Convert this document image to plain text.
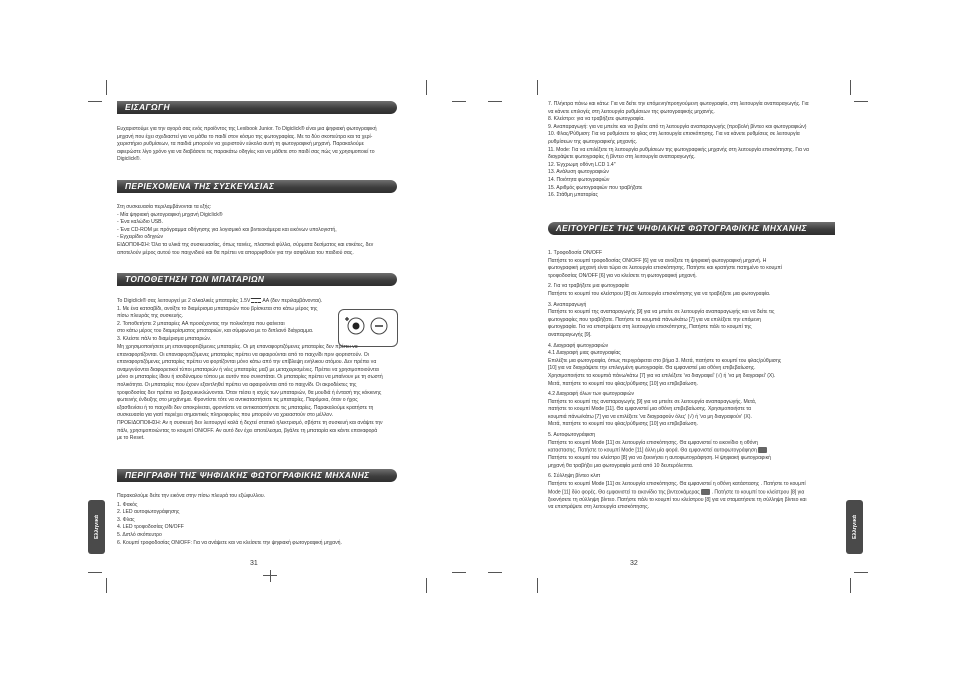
ΕΙΣΑΓΩΓΗ
Ευχαριστούμε για την αγορά σας ενός προϊόντος της Lexibook Junior. Το Digiclick® είναι μια ψηφιακή φωτογραφική
μηχανή που έχει σχεδιαστεί για να μάθει το παιδί στον κόσμο της φωτογραφίας. Με τα δύο σκοπεύτρα και τα χερί-
χειριστήριο ρυθμίσεων, τα παιδιά μπορούν να χειριστούν εύκολα αυτή τη φωτογραφική μηχανή. Παρακαλούμε
αφιερώστε λίγο χρόνο για να διαβάσετε τις παρακάτω οδηγίες και να μάθετε στο παιδί σας πώς να χρησιμοποιεί το
Digiclick®.
ΠΕΡΙΕΧΟΜΕΝΑ ΤΗΣ ΣΥΣΚΕΥΑΣΙΑΣ
Στη συσκευασία περιλαμβάνονται τα εξής:
- Μία ψηφιακή φωτογραφική μηχανή Digiclick®
- Ένα καλώδιο USB.
- Ένα CD-ROM με πρόγραμμα οδήγησης για λογισμικό και βιντεοκάμερα και εικόνων υπολογιστή,
- Εγχειρίδιο οδηγιών
ΕΙΔΟΠΟΙΗΣΗ: Όλα τα υλικά της συσκευασίας, όπως ταινίες, πλαστικά φύλλα, σύρματα δεσίματος και ετικέτες, δεν
αποτελούν μέρος αυτού του παιχνιδιού και θα πρέπει να απορριφθούν για την ασφάλεια του παιδιού σας.
ΤΟΠΟΘΕΤΗΣΗ ΤΩΝ ΜΠΑΤΑΡΙΩΝ
Το Digiclick® σας λειτουργεί με 2 αλκαλικές μπαταρίες 1.5V AA (δεν περιλαμβάνονται).
1. Με ένα κατσαβίδι, ανοίξτε το διαμέρισμα μπαταριών που βρίσκεται στο κάτω μέρος της
πίσω πλευράς της συσκευής.
2. Τοποθετήστε 2 μπαταρίες AA προσέχοντας την πολικότητα που φαίνεται
στο κάτω μέρος του διαμερίσματος μπαταριών, και σύμφωνα με το διπλανό διάγραμμα.
3. Κλείστε πάλι το διαμέρισμα μπαταριών.
Μη χρησιμοποιήσετε μη επαναφορτιζόμενες μπαταρίες. Οι μη επαναφορτιζόμενες μπαταρίες δεν πρέπει να
επαναφορτίζονται. Οι επαναφορτιζόμενες μπαταρίες πρέπει να αφαιρούνται από το παιχνίδι πριν φορτιστούν. Οι
επαναφορτιζόμενες μπαταρίες πρέπει να φορτίζονται μόνο κάτω από την επίβλεψη ενήλικου ατόμου. Δεν πρέπει να
αναμιγνύονται διαφορετικοί τύποι μπαταριών ή νέες μπαταρίες μαζί με μεταχειρισμένες. Πρέπει να χρησιμοποιούνται
μόνο οι μπαταρίες ίδιου ή ισοδύναμου τύπου με αυτόν που συνιστάται. Οι μπαταρίες πρέπει να μπαίνουν με τη σωστή
πολικότητα. Οι μπαταρίες που έχουν εξαντληθεί πρέπει να αφαιρούνται από το παιχνίδι. Οι ακροδέκτες της
τροφοδοσίας δεν πρέπει να βραχυκυκλώνονται. Όταν πέσει η ισχύς των μπαταριών, θα μουδιά ή έντασή της κόκκινης
φωτεινής ένδειξης στο μηχάνημα. Φροντίστε τότε να αντικαταστήσετε τις μπαταρίες. Παρόμοια, όταν ο ήχος
εξασθενίσει ή το παιχνίδι δεν αποκρίνεται, φροντίστε να αντικαταστήσετε τις μπαταρίες. Παρακαλούμε κρατήστε τη
συσκευασία για γιατί περιέχει σημαντικές πληροφορίες που μπορούν να χρειαστούν στο μέλλον.
ΠΡΟΕΙΔΟΠΟΙΗΣΗ: Αν η συσκευή δεν λειτουργεί καλά ή δεχτεί στατικό ηλεκτρισμό, σβήστε τη συσκευή και ανάψτε την
πάλι, χρησιμοποιώντας το κουμπί ON/OFF. Αν αυτό δεν έχει αποτέλεσμα, βγάλτε τη μπαταρία και κάντε επαναφορά
με το Reset.
ΠΕΡΙΓΡΑΦΗ ΤΗΣ ΨΗΦΙΑΚΗΣ ΦΩΤΟΓΡΑΦΙΚΗΣ ΜΗΧΑΝΗΣ
Παρακαλούμε δείτε την εικόνα στην πίσω πλευρά του εξώφυλλου.
1. Φακός
2. LED αυτοφωτογράφησης
3. Φλας
4. LED τροφοδοσίας ON/OFF
5. Διπλό σκόπευτρο
6. Κουμπί τροφοδοσίας ON/OFF: Για να ανάψετε και να κλείσετε την ψηφιακή φωτογραφική μηχανή.
31
Ελληνικά
7. Πλήκτρα πάνω και κάτω: Για να δείτε την επόμενη/προηγούμενη φωτογραφία, στη λειτουργία αναπαραγωγής. Για
να κάνετε επιλογές στη λειτουργία ρυθμίσεων της φωτογραφικής μηχανής.
8. Κλείστρο: για να τραβήξετε φωτογραφία.
9. Αναπαραγωγή: για να μπείτε και να βγείτε από τη λειτουργία αναπαραγωγής (προβολή βίντεο και φωτογραφιών)
10. Φλας/Ρύθμιση: Για να ρυθμίσετε το φλας στη λειτουργία επισκόπησης. Για να κάνετε ρυθμίσεις σε λειτουργία
ρυθμίσεων της φωτογραφικής μηχανής.
11. Mode: Για να επιλέξετε τη λειτουργία ρυθμίσεων της φωτογραφικής μηχανής στη λειτουργία επισκόπησης. Για να
διαγράψετε φωτογραφίες ή βίντεο στη λειτουργία αναπαραγωγής.
12. Έγχρωμη οθόνη LCD 1.4"
13. Ανάλυση φωτογραφιών
14. Ποιότητα φωτογραφιών
15. Αριθμός φωτογραφιών που τραβήξατε
16. Στάθμη μπαταρίας
ΛΕΙΤΟΥΡΓΙΕΣ ΤΗΣ ΨΗΦΙΑΚΗΣ ΦΩΤΟΓΡΑΦΙΚΗΣ ΜΗΧΑΝΗΣ
1. Τροφοδοσία ON/OFF
Πατήστε το κουμπί τροφοδοσίας ON/OFF [6] για να ανοίξετε τη ψηφιακή φωτογραφική μηχανή. Η
φωτογραφική μηχανή είναι τώρα σε λειτουργία επισκόπησης. Πατήστε και κρατήστε πατημένο το κουμπί
τροφοδοσίας ON/OFF [6] για να κλείσετε τη φωτογραφική μηχανή.
2. Για να τραβήξετε μια φωτογραφία
Πατήστε το κουμπί του κλείστρου [8] σε λειτουργία επισκόπησης για να τραβήξετε μια φωτογραφία.
3. Αναπαραγωγή
Πατήστε το κουμπί της αναπαραγωγής [9] για να μπείτε σε λειτουργία αναπαραγωγής και να δείτε τις
φωτογραφίες που τραβήξατε. Πατήστε τα κουμπιά πάνω/κάτω [7] για να επιλέξετε την επόμενη
φωτογραφία. Για να επιστρέψετε στη λειτουργία επισκόπησης, Πατήστε πάλι το κουμπί της
αναπαραγωγής [9].
4. Διαγραφή φωτογραφιών
4.1 Διαγραφή μιας φωτογραφίας
Επιλέξτε μια φωτογραφία, όπως περιγράφεται στο βήμα 3. Μετά, πατήστε το κουμπί του φλας/ρύθμισης
[10] για να διαγράψετε την επιλεγμένη φωτογραφία. Θα εμφανιστεί μια οθόνη επιβεβαίωσης.
Χρησιμοποιήστε τα κουμπιά πάνω/κάτω [7] για να επιλέξετε 'να διαγραφεί' (√) ή 'να μη διαγραφεί' (X).
Μετά, πατήστε το κουμπί του φλας/ρύθμισης [10] για επιβεβαίωση.
4.2 Διαγραφή όλων των φωτογραφιών
Πατήστε το κουμπί της αναπαραγωγής [9] για να μπείτε σε λειτουργία αναπαραγωγής. Μετά,
πατήστε το κουμπί Mode [11]. Θα εμφανιστεί μια οθόνη επιβεβαίωσης. Χρησιμοποιήστε τα
κουμπιά πάνω/κάτω [7] για να επιλέξετε 'να διαγραφούν όλες' (√) ή 'να μη διαγραφούν' (X).
Μετά, πατήστε το κουμπί του φλας/ρύθμισης [10] για επιβεβαίωση.
5. Αυτοφωτογράφιση
Πατήστε το κουμπί Mode [11] σε λειτουργία επισκόπησης. Θα εμφανιστεί το εικονίδιο η οθόνη
καταστασης. Πατήστε το κουμπί Mode [11] άλλη μία φορά. Θα εμφανιστεί αυτοφωτογράφηση
Πατήστε το κουμπί του κλείστρο [8] για να ξεκινήσει η αυτοφωτογράφηση. Η ψηφιακή φωτογραφική
μηχανή θα τραβήξει μια φωτογραφία μετά από 10 δευτερόλεπτα.
6. Σύλληψη βίντεο κλιπ
Πατήστε το κουμπί Mode [11] σε λειτουργία επισκόπησης. Θα εμφανιστεί η οθόνη κατάστασης . Πατήστε το κουμπί
Mode [11] δύο φορές. Θα εμφανιστεί το εικονίδιο της βιντεοκάμερας . Πατήστε το κουμπί του κλείστρου [8] για
ξεκινήσετε τη σύλληψη βίντεο. Πατήστε πάλι το κουμπί του κλείστρου [8] για να σταματήσετε τη σύλληψη βίντεο και
να επιστρέψετε στη λειτουργία επισκόπησης.
32
Ελληνικά
